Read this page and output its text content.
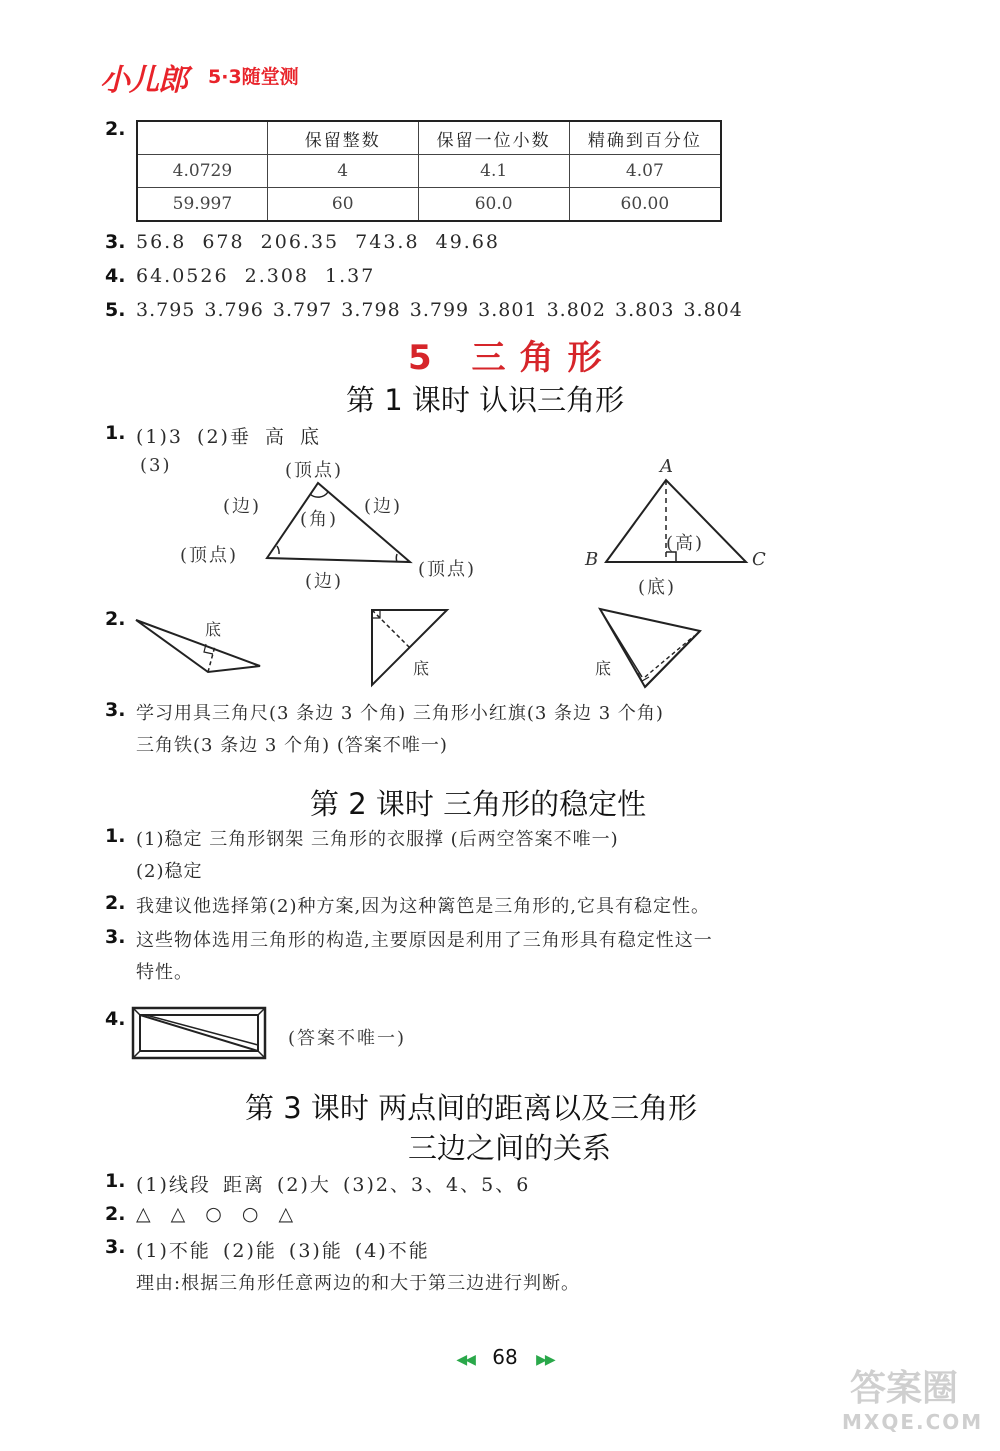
小儿郎 5·3随堂测
2.
	保留整数	保留一位小数	精确到百分位
4.0729	4	4.1	4.07
59.997	60	60.0	60.00
3. 56.8 678 206.35 743.8 49.68
4. 64.0526 2.308 1.37
5. 3.795 3.796 3.797 3.798 3.799 3.801 3.802 3.803 3.804
5 三角形
第 1 课时 认识三角形
1. (1)3 (2)垂 高 底
(3)	(顶点)
(边)	(边)
(角)
(顶点)
(顶点)
(边)
A
B	C
(高)
(底)
2.	底
底	底
3. 学习用具三角尺(3 条边 3 个角) 三角形小红旗(3 条边 3 个角)
三角铁(3 条边 3 个角) (答案不唯一)
第 2 课时 三角形的稳定性
1. (1)稳定 三角形钢架 三角形的衣服撑 (后两空答案不唯一)
(2)稳定
2. 我建议他选择第(2)种方案,因为这种篱笆是三角形的,它具有稳定性。
3. 这些物体选用三角形的构造,主要原因是利用了三角形具有稳定性这一
特性。
4.
(答案不唯一)
第 3 课时 两点间的距离以及三角形
三边之间的关系
1. (1)线段 距离 (2)大 (3)2、3、4、5、6
2. △ △ ○ ○ △
3. (1)不能 (2)能 (3)能 (4)不能
理由:根据三角形任意两边的和大于第三边进行判断。
◀◀ 68 ▶▶
答案圈
MXQE.COM
